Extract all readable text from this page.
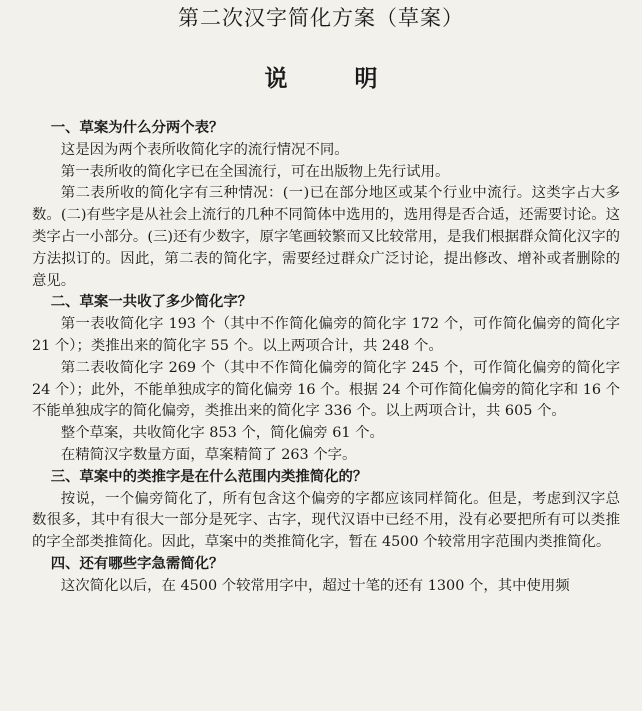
第二次汉字简化方案（草案）
说　明
一、草案为什么分两个表？

这是因为两个表所收简化字的流行情况不同。

第一表所收的简化字已在全国流行，可在出版物上先行试用。

第二表所收的简化字有三种情况：(一)已在部分地区或某个行业中流行。这类字占大多数。(二)有些字是从社会上流行的几种不同简体中选用的，选用得是否合适，还需要讨论。这类字占一小部分。(三)还有少数字，原字笔画较繁而又比较常用，是我们根据群众简化汉字的方法拟订的。因此，第二表的简化字，需要经过群众广泛讨论，提出修改、增补或者删除的意见。

二、草案一共收了多少简化字？

第一表收简化字 193 个（其中不作简化偏旁的简化字 172 个，可作简化偏旁的简化字 21 个）；类推出来的简化字 55 个。以上两项合计，共 248 个。

第二表收简化字 269 个（其中不作简化偏旁的简化字 245 个，可作简化偏旁的简化字 24 个）；此外，不能单独成字的简化偏旁 16 个。根据 24 个可作简化偏旁的简化字和 16 个不能单独成字的简化偏旁，类推出来的简化字 336 个。以上两项合计，共 605 个。

整个草案，共收简化字 853 个，简化偏旁 61 个。

在精简汉字数量方面，草案精简了 263 个字。

三、草案中的类推字是在什么范围内类推简化的？

按说，一个偏旁简化了，所有包含这个偏旁的字都应该同样简化。但是，考虑到汉字总数很多，其中有很大一部分是死字、古字，现代汉语中已经不用，没有必要把所有可以类推的字全部类推简化。因此，草案中的类推简化字，暂在 4500 个较常用字范围内类推简化。

四、还有哪些字急需简化？

这次简化以后，在 4500 个较常用字中，超过十笔的还有 1300 个，其中使用频
